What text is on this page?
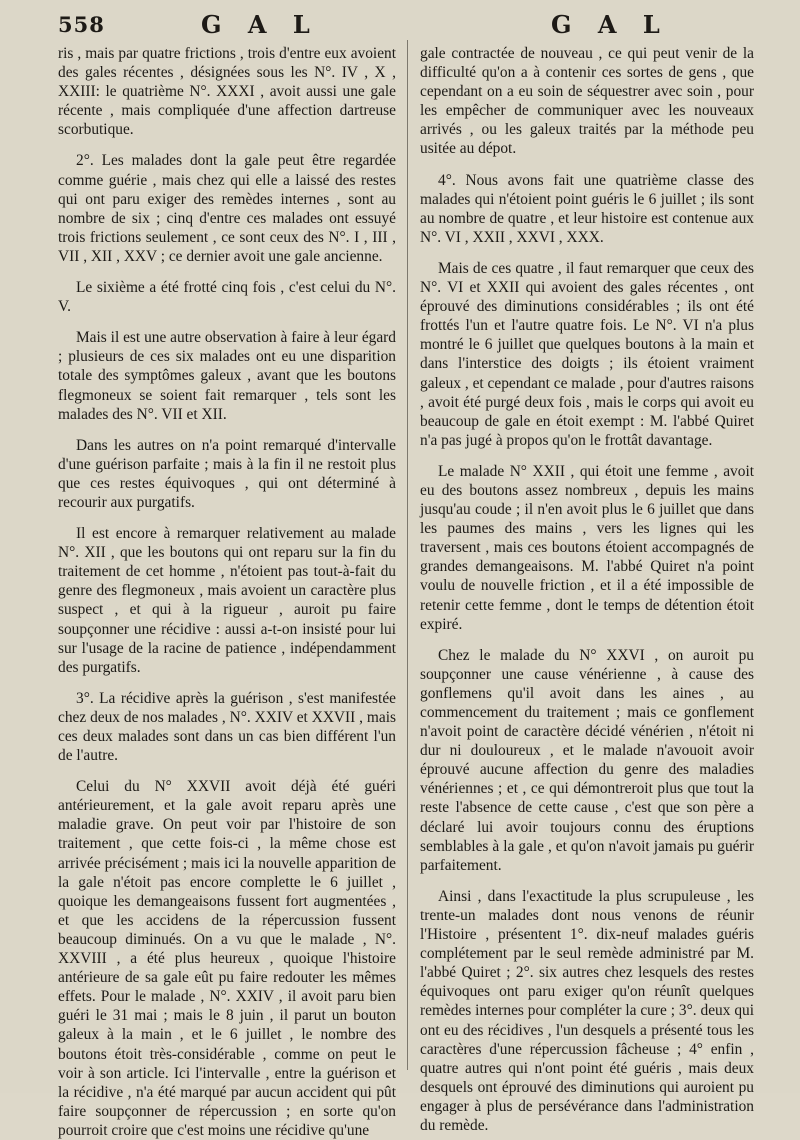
558	G A L	G A L

ris , mais par quatre frictions , trois d'entre eux avoient des gales récentes , désignées sous les N°. IV , X , XXIII: le quatrième N°. XXXI , avoit aussi une gale récente , mais compliquée d'une affection dartreuse scorbutique.

2°. Les malades dont la gale peut être regardée comme guérie , mais chez qui elle a laissé des restes qui ont paru exiger des remèdes internes , sont au nombre de six ; cinq d'entre ces malades ont essuyé trois frictions seulement , ce sont ceux des N°. I , III , VII , XII , XXV ; ce dernier avoit une gale ancienne.

Le sixième a été frotté cinq fois , c'est celui du N°. V.

Mais il est une autre observation à faire à leur égard ; plusieurs de ces six malades ont eu une disparition totale des symptômes galeux , avant que les boutons flegmoneux se soient fait remarquer , tels sont les malades des N°. VII et XII.

Dans les autres on n'a point remarqué d'intervalle d'une guérison parfaite ; mais à la fin il ne restoit plus que ces restes équivoques , qui ont déterminé à recourir aux purgatifs.

Il est encore à remarquer relativement au malade N°. XII , que les boutons qui ont reparu sur la fin du traitement de cet homme , n'étoient pas tout-à-fait du genre des flegmoneux , mais avoient un caractère plus suspect , et qui à la rigueur , auroit pu faire soupçonner une récidive : aussi a-t-on insisté pour lui sur l'usage de la racine de patience , indépendamment des purgatifs.

3°. La récidive après la guérison , s'est manifestée chez deux de nos malades , N°. XXIV et XXVII , mais ces deux malades sont dans un cas bien différent l'un de l'autre.

Celui du N° XXVII avoit déjà été guéri antérieurement, et la gale avoit reparu après une maladie grave. On peut voir par l'histoire de son traitement , que cette fois-ci , la même chose est arrivée précisément ; mais ici la nouvelle apparition de la gale n'étoit pas encore complette le 6 juillet , quoique les demangeaisons fussent fort augmentées , et que les accidens de la répercussion fussent beaucoup diminués. On a vu que le malade , N°. XXVIII , a été plus heureux , quoique l'histoire antérieure de sa gale eût pu faire redouter les mêmes effets. Pour le malade , N°. XXIV , il avoit paru bien guéri le 31 mai ; mais le 8 juin , il parut un bouton galeux à la main , et le 6 juillet , le nombre des boutons étoit très-considérable , comme on peut le voir à son article. Ici l'intervalle , entre la guérison et la récidive , n'a été marqué par aucun accident qui pût faire soupçonner de répercussion ; en sorte qu'on pourroit croire que c'est moins une récidive qu'une

gale contractée de nouveau , ce qui peut venir de la difficulté qu'on a à contenir ces sortes de gens , que cependant on a eu soin de séquestrer avec soin , pour les empêcher de communiquer avec les nouveaux arrivés , ou les galeux traités par la méthode peu usitée au dépot.

4°. Nous avons fait une quatrième classe des malades qui n'étoient point guéris le 6 juillet ; ils sont au nombre de quatre , et leur histoire est contenue aux N°. VI , XXII , XXVI , XXX.

Mais de ces quatre , il faut remarquer que ceux des N°. VI et XXII qui avoient des gales récentes , ont éprouvé des diminutions considérables ; ils ont été frottés l'un et l'autre quatre fois. Le N°. VI n'a plus montré le 6 juillet que quelques boutons à la main et dans l'interstice des doigts ; ils étoient vraiment galeux , et cependant ce malade , pour d'autres raisons , avoit été purgé deux fois , mais le corps qui avoit eu beaucoup de gale en étoit exempt : M. l'abbé Quiret n'a pas jugé à propos qu'on le frottât davantage.

Le malade N° XXII , qui étoit une femme , avoit eu des boutons assez nombreux , depuis les mains jusqu'au coude ; il n'en avoit plus le 6 juillet que dans les paumes des mains , vers les lignes qui les traversent , mais ces boutons étoient accompagnés de grandes demangeaisons. M. l'abbé Quiret n'a point voulu de nouvelle friction , et il a été impossible de retenir cette femme , dont le temps de détention étoit expiré.

Chez le malade du N° XXVI , on auroit pu soupçonner une cause vénérienne , à cause des gonflemens qu'il avoit dans les aines , au commencement du traitement ; mais ce gonflement n'avoit point de caractère décidé vénérien , n'étoit ni dur ni douloureux , et le malade n'avouoit avoir éprouvé aucune affection du genre des maladies vénériennes ; et , ce qui démontreroit plus que tout la reste l'absence de cette cause , c'est que son père a déclaré lui avoir toujours connu des éruptions semblables à la gale , et qu'on n'avoit jamais pu guérir parfaitement.

Ainsi , dans l'exactitude la plus scrupuleuse , les trente-un malades dont nous venons de réunir l'Histoire , présentent 1°. dix-neuf malades guéris complétement par le seul remède administré par M. l'abbé Quiret ; 2°. six autres chez lesquels des restes équivoques ont paru exiger qu'on réunît quelques remèdes internes pour compléter la cure ; 3°. deux qui ont eu des récidives , l'un desquels a présenté tous les caractères d'une répercussion fâcheuse ; 4° enfin , quatre autres qui n'ont point été guéris , mais deux desquels ont éprouvé des diminutions qui auroient pu engager à plus de persévérance dans l'administration du remède.
